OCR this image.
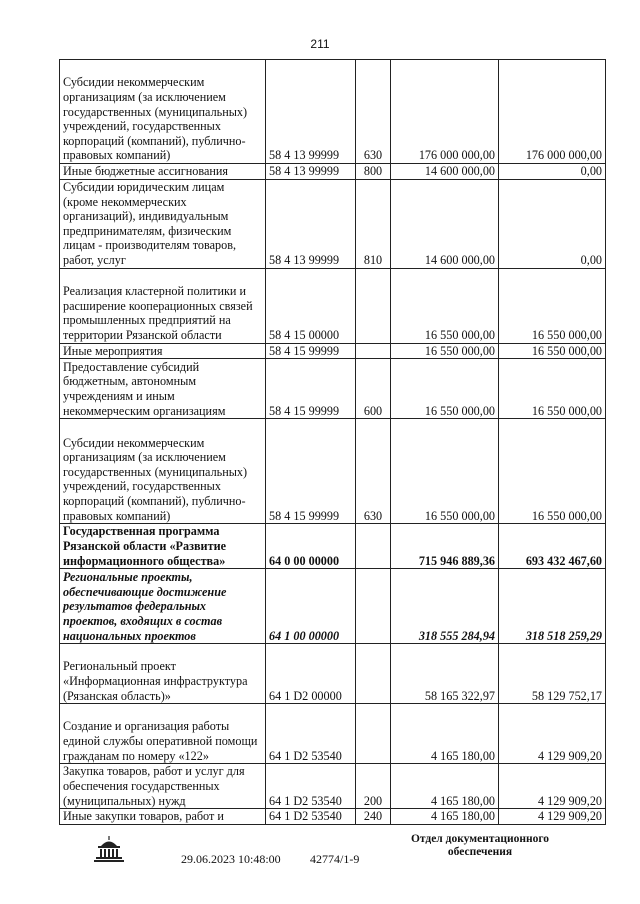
211
Субсидии некоммерческим организациям (за исключением государственных (муниципальных) учреждений, государственных корпораций (компаний), публично-правовых компаний)	58 4 13 99999	630	176 000 000,00	176 000 000,00
Иные бюджетные ассигнования	58 4 13 99999	800	14 600 000,00	0,00
Субсидии юридическим лицам (кроме некоммерческих организаций), индивидуальным предпринимателям, физическим лицам - производителям товаров, работ, услуг	58 4 13 99999	810	14 600 000,00	0,00
Реализация кластерной политики и расширение кооперационных связей промышленных предприятий на территории Рязанской области	58 4 15 00000		16 550 000,00	16 550 000,00
Иные мероприятия	58 4 15 99999		16 550 000,00	16 550 000,00
Предоставление субсидий бюджетным, автономным учреждениям и иным некоммерческим организациям	58 4 15 99999	600	16 550 000,00	16 550 000,00
Субсидии некоммерческим организациям (за исключением государственных (муниципальных) учреждений, государственных корпораций (компаний), публично-правовых компаний)	58 4 15 99999	630	16 550 000,00	16 550 000,00
Государственная программа Рязанской области «Развитие информационного общества»	64 0 00 00000		715 946 889,36	693 432 467,60
Региональные проекты, обеспечивающие достижение результатов федеральных проектов, входящих в состав национальных проектов	64 1 00 00000		318 555 284,94	318 518 259,29
Региональный проект «Информационная инфраструктура (Рязанская область)»	64 1 D2 00000		58 165 322,97	58 129 752,17
Создание и организация работы единой службы оперативной помощи гражданам по номеру «122»	64 1 D2 53540		4 165 180,00	4 129 909,20
Закупка товаров, работ и услуг для обеспечения государственных (муниципальных) нужд	64 1 D2 53540	200	4 165 180,00	4 129 909,20
Иные закупки товаров, работ и	64 1 D2 53540	240	4 165 180,00	4 129 909,20
29.06.2023 10:48:00 42774/1-9
Отдел документационного обеспечения
